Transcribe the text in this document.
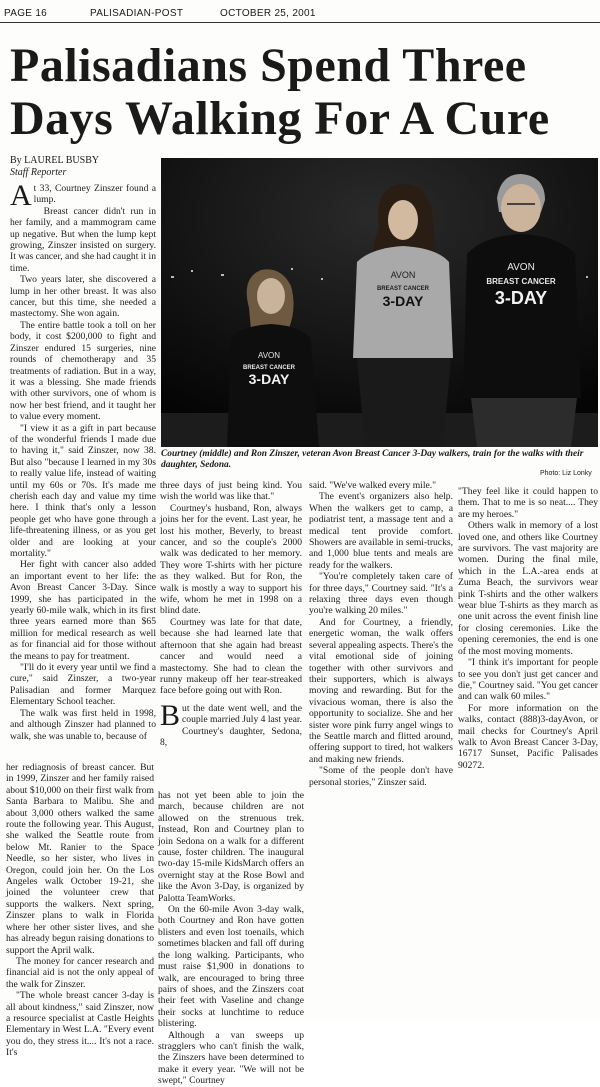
PAGE 16	PALISADIAN-POST	OCTOBER 25, 2001
Palisadians Spend Three
Days Walking For A Cure
By LAUREL BUSBY
Staff Reporter
AVON
BREAST CANCER
3-DAY
AVON
BREAST CANCER
3-DAY
AVON
BREAST CANCER
3-DAY
Courtney (middle) and Ron Zinszer, veteran Avon Breast Cancer 3-Day walkers, train for the walks with their daughter, Sedona.
Photo: Liz Lonky

At 33, Courtney Zinszer found a lump.

Breast cancer didn't run in her family, and a mammogram came up negative. But when the lump kept growing, Zinszer insisted on surgery. It was cancer, and she had caught it in time.

Two years later, she discovered a lump in her other breast. It was also cancer, but this time, she needed a mastectomy. She won again.

The entire battle took a toll on her body, it cost $200,000 to fight and Zinszer endured 15 surgeries, nine rounds of chemotherapy and 35 treatments of radiation. But in a way, it was a blessing. She made friends with other survivors, one of whom is now her best friend, and it taught her to value every moment.

"I view it as a gift in part because of the wonderful friends I made due to having it," said Zinszer, now 38. But also "because I learned in my 30s to really value life, instead of waiting until my 60s or 70s. It's made me cherish each day and value my time here. I think that's only a lesson people get who have gone through a life-threatening illness, or as you get older and are looking at your mortality."

Her fight with cancer also added an important event to her life: the Avon Breast Cancer 3-Day. Since 1999, she has participated in the yearly 60-mile walk, which in its first three years earned more than $65 million for medical research as well as for financial aid for those without the means to pay for treatment.

"I'll do it every year until we find a cure," said Zinszer, a two-year Palisadian and former Marquez Elementary School teacher.

The walk was first held in 1998, and although Zinszer had planned to walk, she was unable to, because of

three days of just being kind. You wish the world was like that."

Courtney's husband, Ron, always joins her for the event. Last year, he lost his mother, Beverly, to breast cancer, and so the couple's 2000 walk was dedicated to her memory. They wore T-shirts with her picture as they walked. But for Ron, the walk is mostly a way to support his wife, whom he met in 1998 on a blind date.

Courtney was late for that date, because she had learned late that afternoon that she again had breast cancer and would need a mastectomy. She had to clean the runny makeup off her tear-streaked face before going out with Ron.

But the date went well, and the couple married July 4 last year. Courtney's daughter, Sedona, 8,

said. "We've walked every mile."

The event's organizers also help. When the walkers get to camp, a podiatrist tent, a massage tent and a medical tent provide comfort. Showers are available in semi-trucks, and 1,000 blue tents and meals are ready for the walkers.

"You're completely taken care of for three days," Courtney said. "It's a relaxing three days even though you're walking 20 miles."

And for Courtney, a friendly, energetic woman, the walk offers several appealing aspects. There's the vital emotional side of joining together with other survivors and their supporters, which is always moving and rewarding. But for the vivacious woman, there is also the opportunity to socialize. She and her sister wore pink furry angel wings to the Seattle march and flitted around, offering support to tired, hot walkers and making new friends.

"Some of the people don't have personal stories," Zinszer said.

"They feel like it could happen to them. That to me is so neat.... They are my heroes."

Others walk in memory of a lost loved one, and others like Courtney are survivors. The vast majority are women. During the final mile, which in the L.A.-area ends at Zuma Beach, the survivors wear pink T-shirts and the other walkers wear blue T-shirts as they march as one unit across the event finish line for closing ceremonies. Like the opening ceremonies, the end is one of the most moving moments.

"I think it's important for people to see you don't just get cancer and die," Courtney said. "You get cancer and can walk 60 miles."

For more information on the walks, contact (888)3-dayAvon, or mail checks for Courtney's April walk to Avon Breast Cancer 3-Day, 16717 Sunset, Pacific Palisades 90272.

her rediagnosis of breast cancer. But in 1999, Zinszer and her family raised about $10,000 on their first walk from Santa Barbara to Malibu. She and about 3,000 others walked the same route the following year. This August, she walked the Seattle route from below Mt. Ranier to the Space Needle, so her sister, who lives in Oregon, could join her. On the Los Angeles walk October 19-21, she joined the volunteer crew that supports the walkers. Next spring, Zinszer plans to walk in Florida where her other sister lives, and she has already begun raising donations to support the April walk.

The money for cancer research and financial aid is not the only appeal of the walk for Zinszer.

"The whole breast cancer 3-day is all about kindness," said Zinszer, now a resource specialist at Castle Heights Elementary in West L.A. "Every event you do, they stress it.... It's not a race. It's

has not yet been able to join the march, because children are not allowed on the strenuous trek. Instead, Ron and Courtney plan to join Sedona on a walk for a different cause, foster children. The inaugural two-day 15-mile KidsMarch offers an overnight stay at the Rose Bowl and like the Avon 3-Day, is organized by Palotta TeamWorks.

On the 60-mile Avon 3-day walk, both Courtney and Ron have gotten blisters and even lost toenails, which sometimes blacken and fall off during the long walking. Participants, who must raise $1,900 in donations to walk, are encouraged to bring three pairs of shoes, and the Zinszers coat their feet with Vaseline and change their socks at lunchtime to reduce blistering.

Although a van sweeps up stragglers who can't finish the walk, the Zinszers have been determined to make it every year. "We will not be swept," Courtney
